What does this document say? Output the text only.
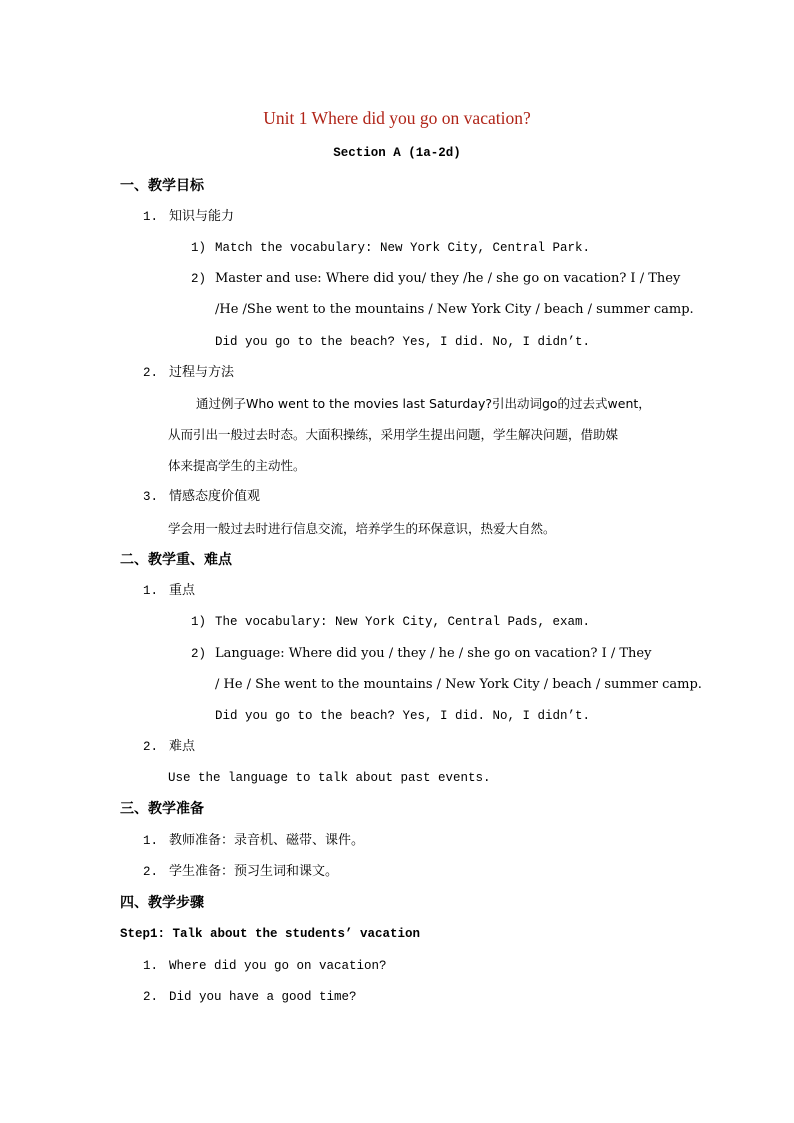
Unit 1 Where did you go on vacation?
Section A (1a-2d)
一、教学目标
1. 知识与能力
1) Match the vocabulary: New York City, Central Park.
2) Master and use: Where did you/ they /he / she go on vacation? I / They
/He /She went to the mountains / New York City / beach / summer camp.
Did you go to the beach? Yes, I did. No, I didn’t.
2. 过程与方法
通过例子Who went to the movies last Saturday?引出动词go的过去式went，
从而引出一般过去时态。大面积操练，采用学生提出问题，学生解决问题，借助媒
体来提高学生的主动性。
3. 情感态度价值观
学会用一般过去时进行信息交流，培养学生的环保意识，热爱大自然。
二、教学重、难点
1. 重点
1) The vocabulary: New York City, Central Pads, exam.
2) Language: Where did you / they / he / she go on vacation? I / They
/ He / She went to the mountains / New York City / beach / summer camp.
Did you go to the beach? Yes, I did. No, I didn’t.
2. 难点
Use the language to talk about past events.
三、教学准备
1. 教师准备：录音机、磁带、课件。
2. 学生准备：预习生词和课文。
四、教学步骤
Step1: Talk about the students’ vacation
1. Where did you go on vacation?
2. Did you have a good time?
